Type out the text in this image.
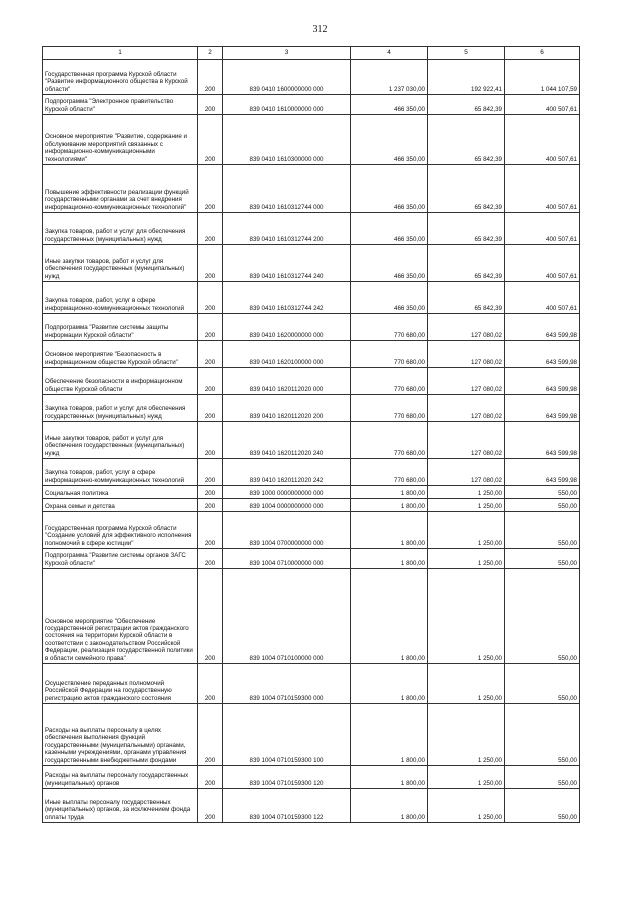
312
1	2	3	4	5	6
Государственная программа Курской области "Развитие информационного общества в Курской области"	200	839 0410 1600000000 000	1 237 030,00	192 922,41	1 044 107,59
Подпрограмма "Электронное правительство Курской области"	200	839 0410 1610000000 000	466 350,00	65 842,39	400 507,61
Основное мероприятие "Развитие, содержание и обслуживание мероприятий связанных с информационно-коммуникационными технологиями"	200	839 0410 1610300000 000	466 350,00	65 842,39	400 507,61
Повышение эффективности реализации функций государственными органами за счет внедрения информационно-коммуникационных технологий"	200	839 0410 1610312744 000	466 350,00	65 842,39	400 507,61
Закупка товаров, работ и услуг для обеспечения государственных (муниципальных) нужд	200	839 0410 1610312744 200	466 350,00	65 842,39	400 507,61
Иные закупки товаров, работ и услуг для обеспечения государственных (муниципальных) нужд	200	839 0410 1610312744 240	466 350,00	65 842,39	400 507,61
Закупка товаров, работ, услуг в сфере информационно-коммуникационных технологий	200	839 0410 1610312744 242	466 350,00	65 842,39	400 507,61
Подпрограмма "Развитие системы защиты информации Курской области"	200	839 0410 1620000000 000	770 680,00	127 080,02	643 599,98
Основное мероприятие "Безопасность в информационном обществе Курской области"	200	839 0410 1620100000 000	770 680,00	127 080,02	643 599,98
Обеспечение безопасности в информационном обществе Курской области	200	839 0410 1620112020 000	770 680,00	127 080,02	643 599,98
Закупка товаров, работ и услуг для обеспечения государственных (муниципальных) нужд	200	839 0410 1620112020 200	770 680,00	127 080,02	643 599,98
Иные закупки товаров, работ и услуг для обеспечения государственных (муниципальных) нужд	200	839 0410 1620112020 240	770 680,00	127 080,02	643 599,98
Закупка товаров, работ, услуг в сфере информационно-коммуникационных технологий	200	839 0410 1620112020 242	770 680,00	127 080,02	643 599,98
Социальная политика	200	839 1000 0000000000 000	1 800,00	1 250,00	550,00
Охрана семьи и детства	200	839 1004 0000000000 000	1 800,00	1 250,00	550,00
Государственная программа Курской области "Создание условий для эффективного исполнения полномочий в сфере юстиции"	200	839 1004 0700000000 000	1 800,00	1 250,00	550,00
Подпрограмма "Развитие системы органов ЗАГС Курской области"	200	839 1004 0710000000 000	1 800,00	1 250,00	550,00
Основное мероприятие "Обеспечение государственной регистрации актов гражданского состояния на территории Курской области в соответствии с законодательством Российской Федерации, реализация государственной политики в области семейного права"	200	839 1004 0710100000 000	1 800,00	1 250,00	550,00
Осуществление переданных полномочий Российской Федерации на государственную регистрацию актов гражданского состояния	200	839 1004 0710159300 000	1 800,00	1 250,00	550,00
Расходы на выплаты персоналу в целях обеспечения выполнения функций государственными (муниципальными) органами, казенными учреждениями, органами управления государственными внебюджетными фондами	200	839 1004 0710159300 100	1 800,00	1 250,00	550,00
Расходы на выплаты персоналу государственных (муниципальных) органов	200	839 1004 0710159300 120	1 800,00	1 250,00	550,00
Иные выплаты персоналу государственных (муниципальных) органов, за исключением фонда оплаты труда	200	839 1004 0710159300 122	1 800,00	1 250,00	550,00
